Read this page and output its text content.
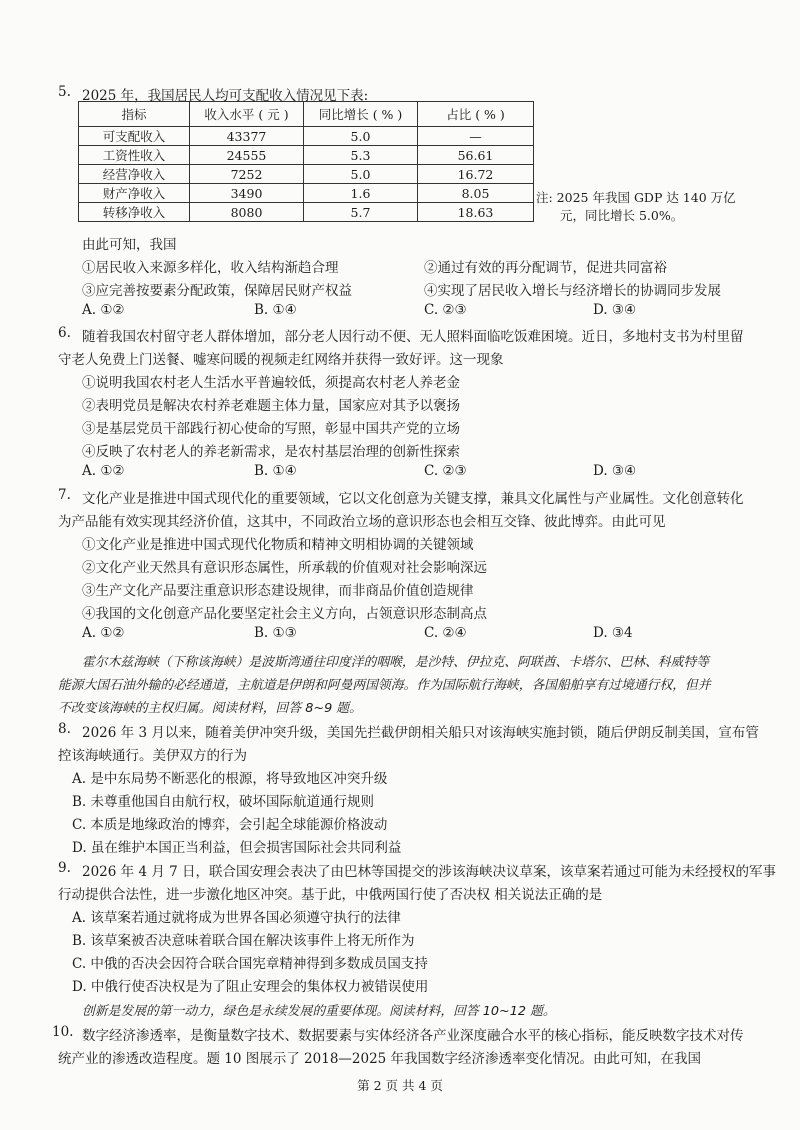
5. 2025 年，我国居民人均可支配收入情况见下表:
指标	收入水平 ( 元 )	同比增长 ( % )	占比 ( % )
可支配收入	43377	5.0	—
工资性收入	24555	5.3	56.61
经营净收入	7252	5.0	16.72
财产净收入	3490	1.6	8.05
转移净收入	8080	5.7	18.63
注: 2025 年我国 GDP 达 140 万亿
元，同比增长 5.0%。
由此可知，我国
①居民收入来源多样化，收入结构渐趋合理	②通过有效的再分配调节，促进共同富裕
③应完善按要素分配政策，保障居民财产权益	④实现了居民收入增长与经济增长的协调同步发展
A. ①②	B. ①④	C. ②③	D. ③④
6. 随着我国农村留守老人群体增加，部分老人因行动不便、无人照料面临吃饭难困境。近日，多地村支书为村里留
守老人免费上门送餐、嘘寒问暖的视频走红网络并获得一致好评。这一现象
①说明我国农村老人生活水平普遍较低，须提高农村老人养老金
②表明党员是解决农村养老难题主体力量，国家应对其予以褒扬
③是基层党员干部践行初心使命的写照，彰显中国共产党的立场
④反映了农村老人的养老新需求，是农村基层治理的创新性探索
A. ①②	B. ①④	C. ②③	D. ③④
7. 文化产业是推进中国式现代化的重要领域，它以文化创意为关键支撑，兼具文化属性与产业属性。文化创意转化
为产品能有效实现其经济价值，这其中，不同政治立场的意识形态也会相互交锋、彼此博弈。由此可见
①文化产业是推进中国式现代化物质和精神文明相协调的关键领域
②文化产业天然具有意识形态属性，所承载的价值观对社会影响深远
③生产文化产品要注重意识形态建设规律，而非商品价值创造规律
④我国的文化创意产品化要坚定社会主义方向，占领意识形态制高点
A. ①②	B. ①③	C. ②④	D. ③4
霍尔木兹海峡（下称该海峡）是波斯湾通往印度洋的咽喉，是沙特、伊拉克、阿联酋、卡塔尔、巴林、科威特等
能源大国石油外输的必经通道，主航道是伊朗和阿曼两国领海。作为国际航行海峡，各国船舶享有过境通行权，但并
不改变该海峡的主权归属。阅读材料，回答 8~9 题。
8. 2026 年 3 月以来，随着美伊冲突升级，美国先拦截伊朗相关船只对该海峡实施封锁，随后伊朗反制美国，宣布管
控该海峡通行。美伊双方的行为
A. 是中东局势不断恶化的根源，将导致地区冲突升级
B. 未尊重他国自由航行权，破坏国际航道通行规则
C. 本质是地缘政治的博弈，会引起全球能源价格波动
D. 虽在维护本国正当利益，但会损害国际社会共同利益
9. 2026 年 4 月 7 日，联合国安理会表决了由巴林等国提交的涉该海峡决议草案，该草案若通过可能为未经授权的军事
行动提供合法性，进一步激化地区冲突。基于此，中俄两国行使了否决权 相关说法正确的是
A. 该草案若通过就将成为世界各国必须遵守执行的法律
B. 该草案被否决意味着联合国在解决该事件上将无所作为
C. 中俄的否决会因符合联合国宪章精神得到多数成员国支持
D. 中俄行使否决权是为了阻止安理会的集体权力被错误使用
创新是发展的第一动力，绿色是永续发展的重要体现。阅读材料，回答 10~12 题。
10. 数字经济渗透率，是衡量数字技术、数据要素与实体经济各产业深度融合水平的核心指标，能反映数字技术对传
统产业的渗透改造程度。题 10 图展示了 2018—2025 年我国数字经济渗透率变化情况。由此可知，在我国
第 2 页 共 4 页
